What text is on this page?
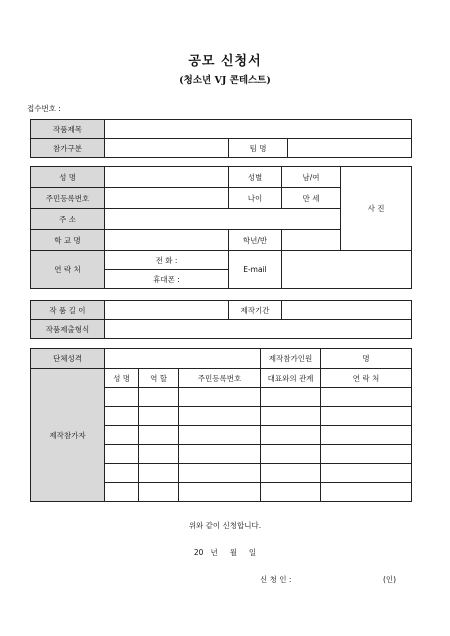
공모 신청서
(청소년 VJ 콘테스트)
접수번호 :
작품제목			
참가구분		팀 명	
성 명		성별	남/여	사 진
주민등록번호		나이	만 세	
주 소				
학 교 명		학년/반		
연 락 처	전 화 :	E-mail		
	휴대폰 :			
작 품 길 이		제작기간	
작품제출형식			
단체성격				제작참가인원	명
제작참가자	성 명	역 할	주민등록번호	대표와의 관계	연 락 처

위와 같이 신청합니다.
20   년     월     일
신 청 인 :	(인)
